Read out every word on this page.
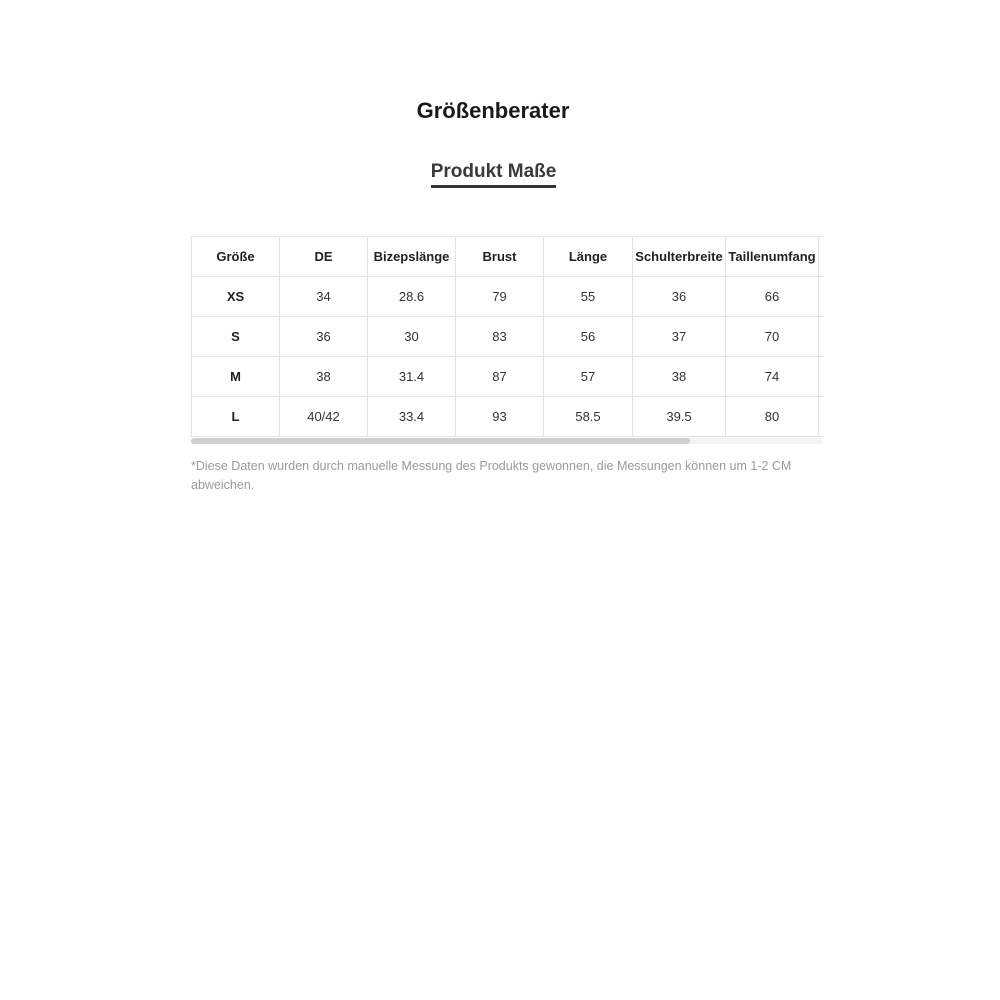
Größenberater
Produkt Maße
Größe	DE	Bizepslänge	Brust	Länge	Schulterbreite	Taillenumfang	
XS	34	28.6	79	55	36	66	
S	36	30	83	56	37	70	
M	38	31.4	87	57	38	74	
L	40/42	33.4	93	58.5	39.5	80	

*Diese Daten wurden durch manuelle Messung des Produkts gewonnen, die Messungen können um 1-2 CM abweichen.
